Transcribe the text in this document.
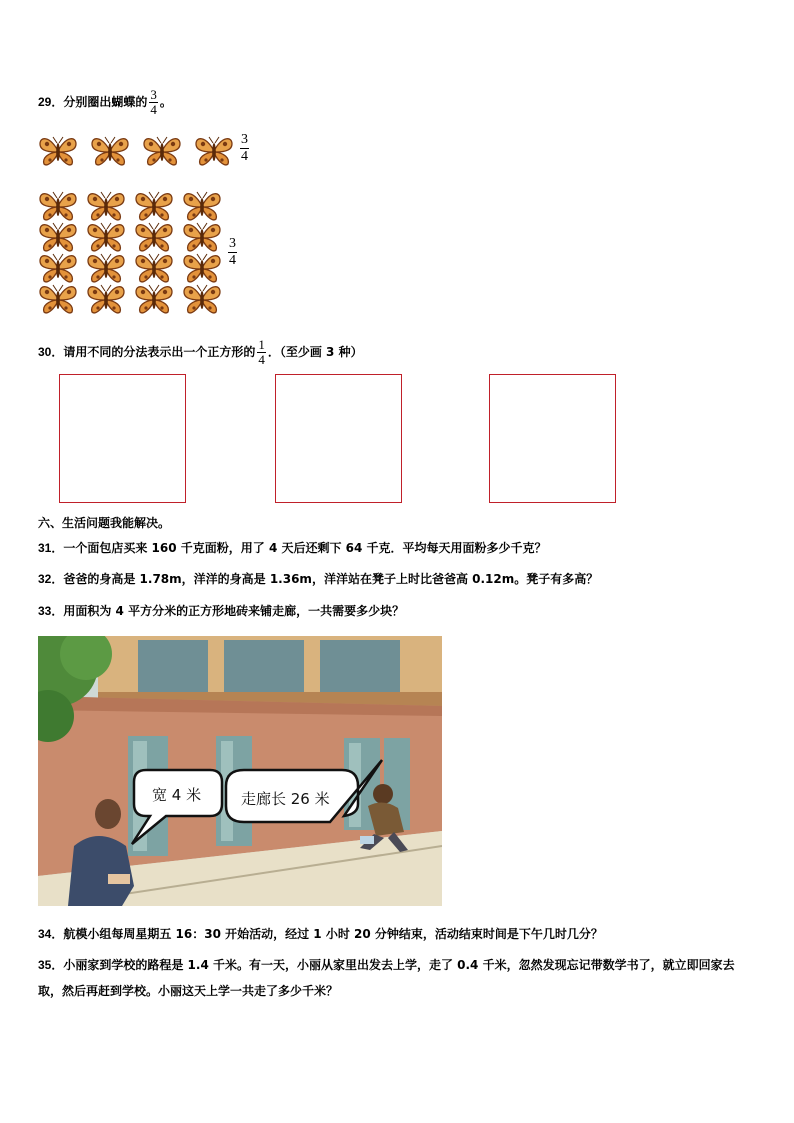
29．分别圈出蝴蝶的 $\frac{3}{4}$ 。
$\frac{3}{4}$
$\frac{3}{4}$
30．请用不同的分法表示出一个正方形的 $\frac{1}{4}$ ．（至少画 3 种）
六、生活问题我能解决。
31．一个面包店买来 160 千克面粉，用了 4 天后还剩下 64 千克．平均每天用面粉多少千克？
32．爸爸的身高是 1.78m，洋洋的身高是 1.36m，洋洋站在凳子上时比爸爸高 0.12m。凳子有多高？
33．用面积为 4 平方分米的正方形地砖来铺走廊，一共需要多少块？
宽 4 米	走廊长 26 米
34．航模小组每周星期五 16：30 开始活动，经过 1 小时 20 分钟结束，活动结束时间是下午几时几分？
35．小丽家到学校的路程是 1.4 千米。有一天，小丽从家里出发去上学，走了 0.4 千米，忽然发现忘记带数学书了，就立即回家去取，然后再赶到学校。小丽这天上学一共走了多少千米？
